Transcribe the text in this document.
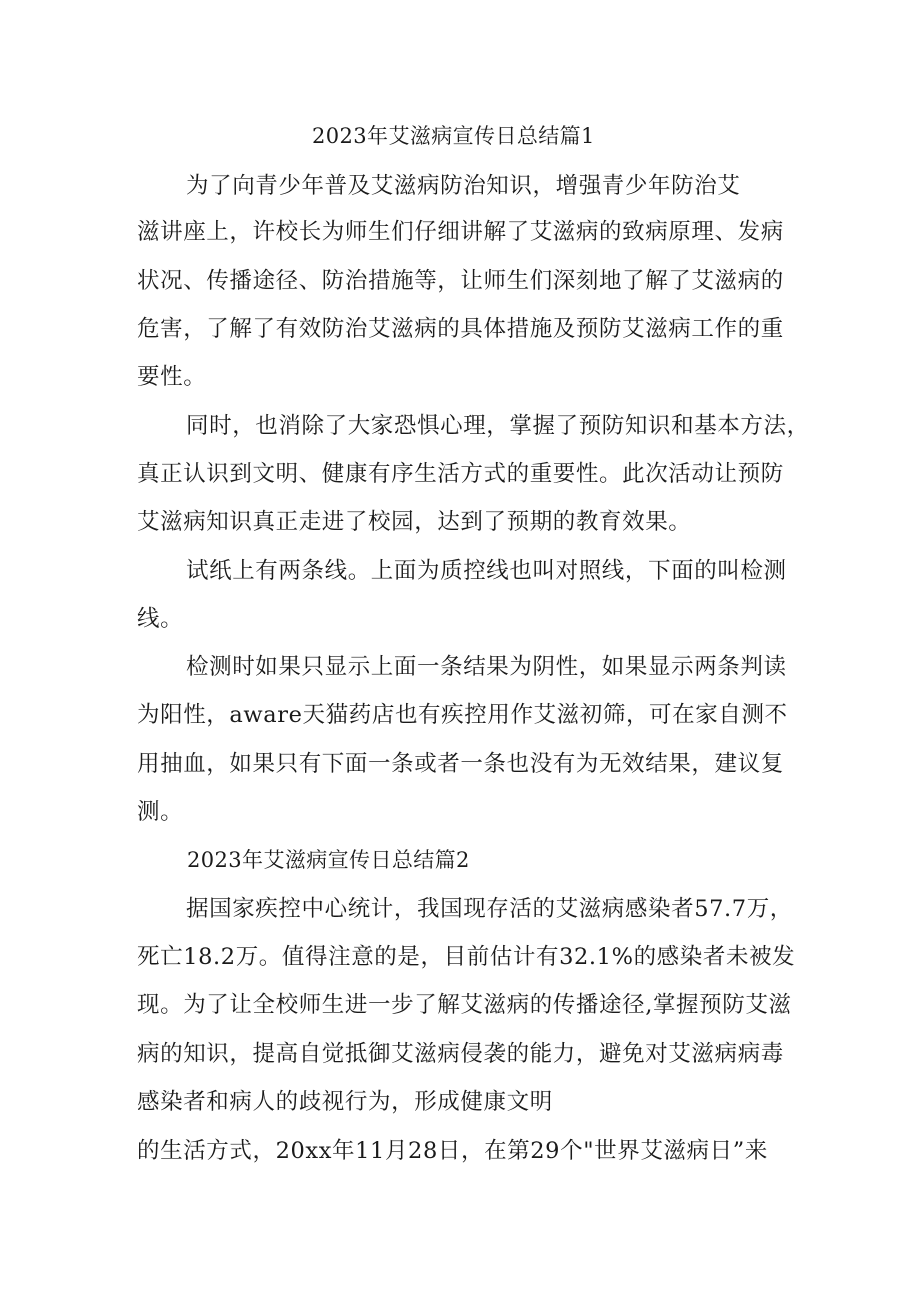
2023年艾滋病宣传日总结篇1
为了向青少年普及艾滋病防治知识，增强青少年防治艾
滋讲座上，许校长为师生们仔细讲解了艾滋病的致病原理、发病
状况、传播途径、防治措施等，让师生们深刻地了解了艾滋病的
危害，了解了有效防治艾滋病的具体措施及预防艾滋病工作的重
要性。
同时，也消除了大家恐惧心理，掌握了预防知识和基本方法，
真正认识到文明、健康有序生活方式的重要性。此次活动让预防
艾滋病知识真正走进了校园，达到了预期的教育效果。
试纸上有两条线。上面为质控线也叫对照线，下面的叫检测
线。
检测时如果只显示上面一条结果为阴性，如果显示两条判读
为阳性，aware天猫药店也有疾控用作艾滋初筛，可在家自测不
用抽血，如果只有下面一条或者一条也没有为无效结果，建议复
测。
2023年艾滋病宣传日总结篇2
据国家疾控中心统计，我国现存活的艾滋病感染者57.7万，
死亡18.2万。值得注意的是，目前估计有32.1%的感染者未被发
现。为了让全校师生进一步了解艾滋病的传播途径,掌握预防艾滋
病的知识，提高自觉抵御艾滋病侵袭的能力，避免对艾滋病病毒
感染者和病人的歧视行为，形成健康文明
的生活方式，20xx年11月28日，在第29个"世界艾滋病日”来
